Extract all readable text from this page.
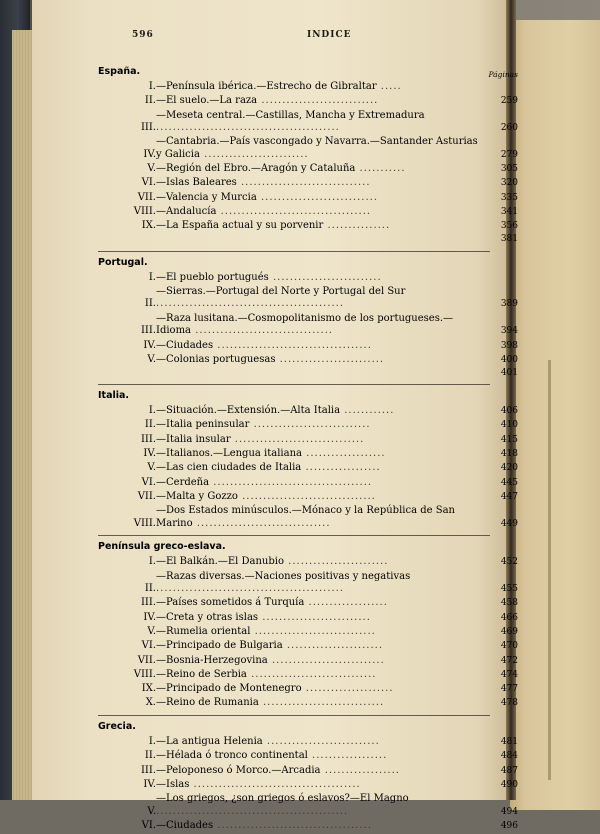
596	INDICE
España.	Páginas
I. —Península ibérica.—Estrecho de Gibraltar .....
II. —El suelo.—La raza ............................	259
III.
—Meseta central.—Castillas, Mancha y Extremadura ............................................	260
IV.
—Cantabria.—País vascongado y Navarra.—Santander Asturias y Galicia .........................	279
V. —Región del Ebro.—Aragón y Cataluña ...........	305
VI. —Islas Baleares ...............................	320
VII. —Valencia y Murcia ............................	335
VIII. —Andalucía ....................................	341
IX. —La España actual y su porvenir ...............	356
381
Portugal.
I. —El pueblo portugués ..........................
II.
—Sierras.—Portugal del Norte y Portugal del Sur .............................................	389
III.
—Raza lusitana.—Cosmopolitanismo de los portugueses.—Idioma .................................	394
IV. —Ciudades .....................................	398
V. —Colonias portuguesas .........................	400
401
Italia.
I. —Situación.—Extensión.—Alta Italia ............	406
II. —Italia peninsular ............................	410
III. —Italia insular ...............................	415
IV. —Italianos.—Lengua italiana ...................	418
V. —Las cien ciudades de Italia ..................	420
VI. —Cerdeña ......................................	445
VII. —Malta y Gozzo ................................	447
VIII.
—Dos Estados minúsculos.—Mónaco y la República de San Marino ................................	449
Península greco-eslava.
I. —El Balkán.—El Danubio ........................	452
II.
—Razas diversas.—Naciones positivas y negativas .............................................	455
III. —Países sometidos á Turquía ...................	458
IV. —Creta y otras islas ..........................	466
V. —Rumelia oriental .............................	469
VI. —Principado de Bulgaria .......................	470
VII. —Bosnia-Herzegovina ...........................	472
VIII. —Reino de Serbia ..............................	474
IX. —Principado de Montenegro .....................	477
X. —Reino de Rumania .............................	478
Grecia.
I. —La antigua Helenia ...........................	481
II. —Hélada ó tronco continental ..................	484
III. —Peloponeso ó Morco.—Arcadia ..................	487
IV. —Islas ........................................	490
V.
—Los griegos, ¿son griegos ó eslavos?—El Magno ..............................................	494
VI. —Ciudades .....................................	496
